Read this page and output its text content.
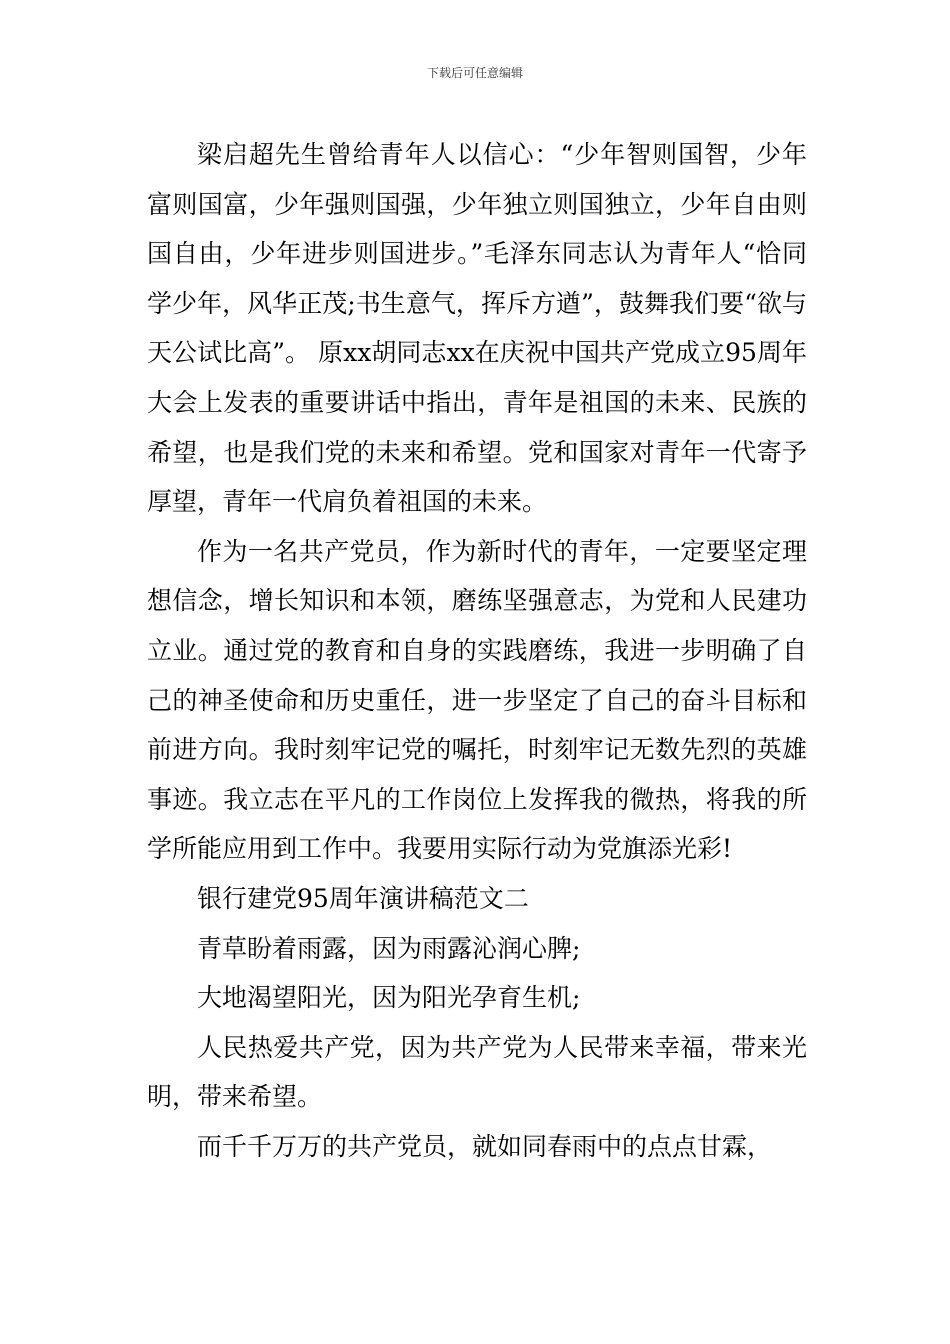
下载后可任意编辑

梁启超先生曾给青年人以信心：“少年智则国智，少年富则国富，少年强则国强，少年独立则国独立，少年自由则国自由，少年进步则国进步。”毛泽东同志认为青年人“恰同学少年，风华正茂;书生意气，挥斥方遒”，鼓舞我们要“欲与天公试比高”。 原xx胡同志xx在庆祝中国共产党成立95周年大会上发表的重要讲话中指出，青年是祖国的未来、民族的希望，也是我们党的未来和希望。党和国家对青年一代寄予厚望，青年一代肩负着祖国的未来。

作为一名共产党员，作为新时代的青年，一定要坚定理想信念，增长知识和本领，磨练坚强意志，为党和人民建功立业。通过党的教育和自身的实践磨练，我进一步明确了自己的神圣使命和历史重任，进一步坚定了自己的奋斗目标和前进方向。我时刻牢记党的嘱托，时刻牢记无数先烈的英雄事迹。我立志在平凡的工作岗位上发挥我的微热，将我的所学所能应用到工作中。我要用实际行动为党旗添光彩!

银行建党95周年演讲稿范文二

青草盼着雨露，因为雨露沁润心脾;

大地渴望阳光，因为阳光孕育生机;

人民热爱共产党，因为共产党为人民带来幸福，带来光明，带来希望。

而千千万万的共产党员，就如同春雨中的点点甘霖，
